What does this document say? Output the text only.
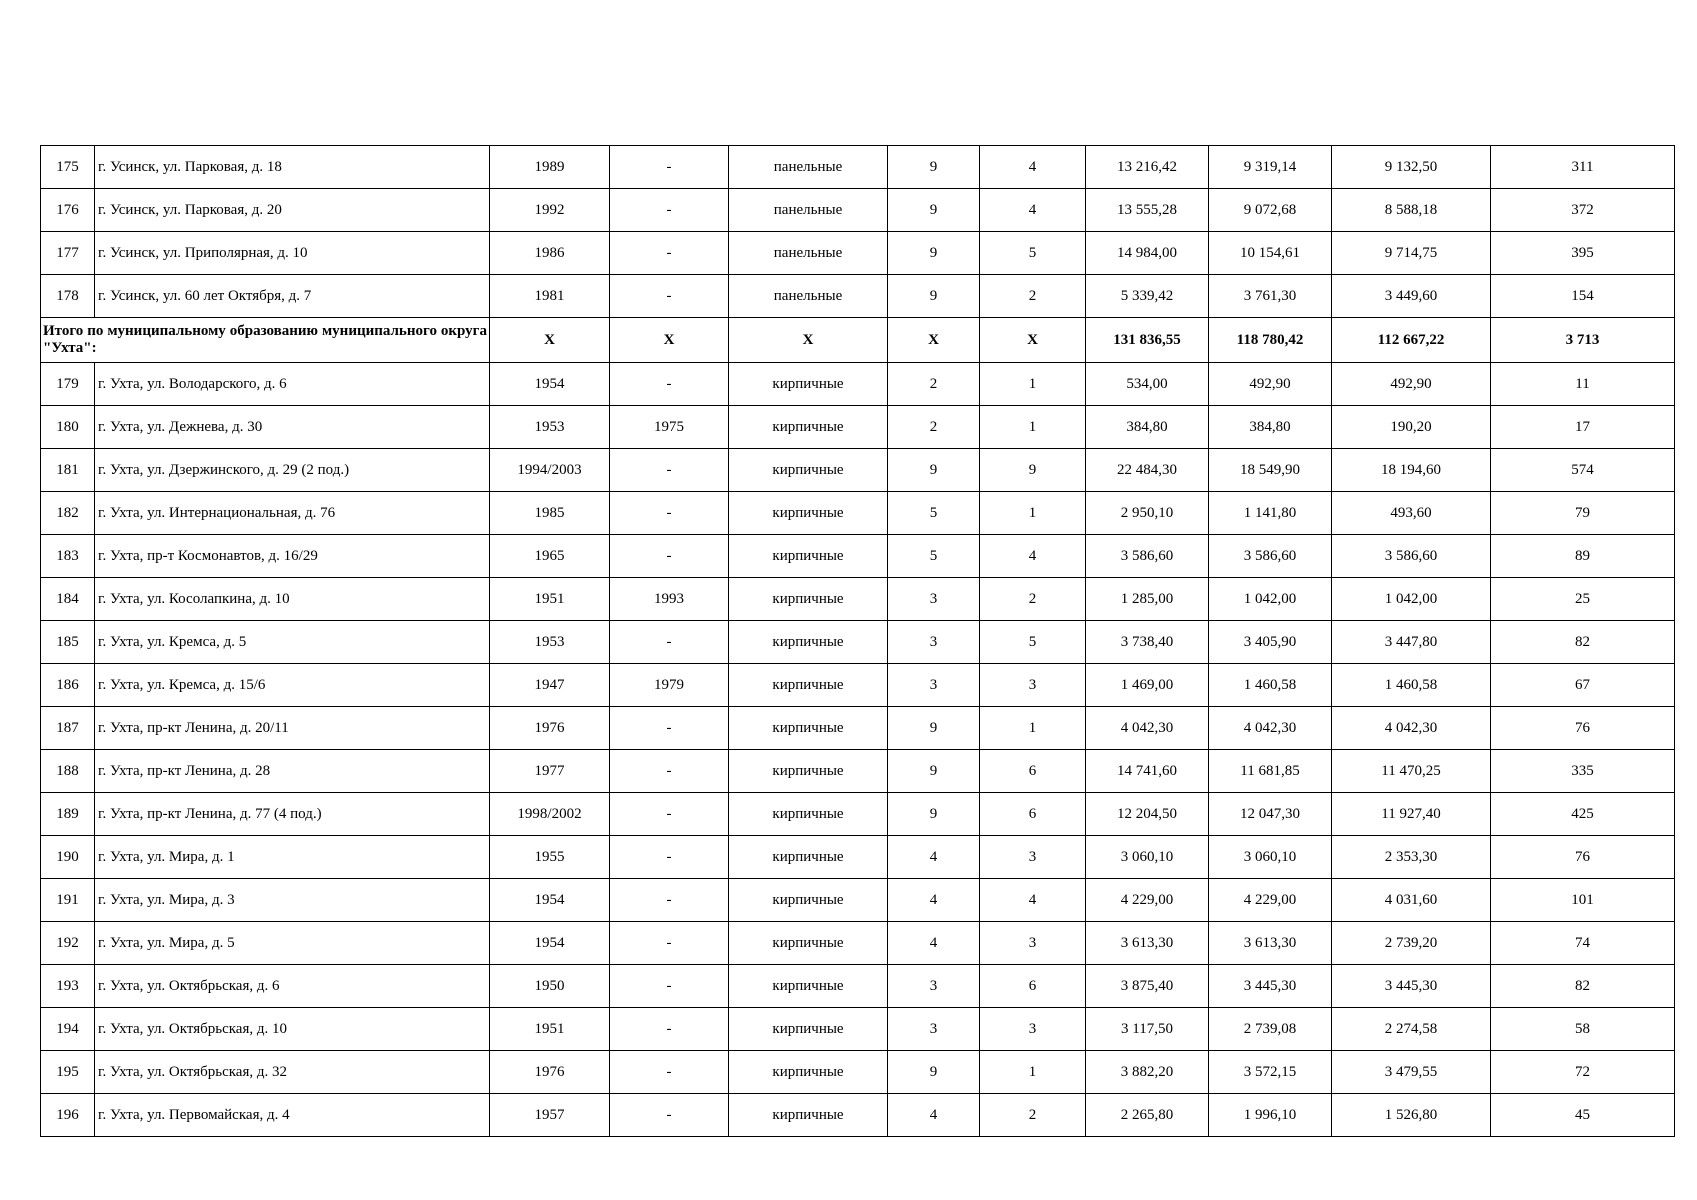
175	г. Усинск, ул. Парковая, д. 18	1989	-	панельные	9	4	13 216,42	9 319,14	9 132,50	311
176	г. Усинск, ул. Парковая, д. 20	1992	-	панельные	9	4	13 555,28	9 072,68	8 588,18	372
177	г. Усинск, ул. Приполярная, д. 10	1986	-	панельные	9	5	14 984,00	10 154,61	9 714,75	395
178	г. Усинск, ул. 60 лет Октября, д. 7	1981	-	панельные	9	2	5 339,42	3 761,30	3 449,60	154
Итого по муниципальному образованию муниципального округа "Ухта":		X	X	X	X	X	131 836,55	118 780,42	112 667,22	3 713
179	г. Ухта, ул. Володарского, д. 6	1954	-	кирпичные	2	1	534,00	492,90	492,90	11
180	г. Ухта, ул. Дежнева, д. 30	1953	1975	кирпичные	2	1	384,80	384,80	190,20	17
181	г. Ухта, ул. Дзержинского, д. 29 (2 под.)	1994/2003	-	кирпичные	9	9	22 484,30	18 549,90	18 194,60	574
182	г. Ухта, ул. Интернациональная, д. 76	1985	-	кирпичные	5	1	2 950,10	1 141,80	493,60	79
183	г. Ухта, пр-т Космонавтов, д. 16/29	1965	-	кирпичные	5	4	3 586,60	3 586,60	3 586,60	89
184	г. Ухта, ул. Косолапкина, д. 10	1951	1993	кирпичные	3	2	1 285,00	1 042,00	1 042,00	25
185	г. Ухта, ул. Кремса, д. 5	1953	-	кирпичные	3	5	3 738,40	3 405,90	3 447,80	82
186	г. Ухта, ул. Кремса, д. 15/6	1947	1979	кирпичные	3	3	1 469,00	1 460,58	1 460,58	67
187	г. Ухта, пр-кт Ленина, д. 20/11	1976	-	кирпичные	9	1	4 042,30	4 042,30	4 042,30	76
188	г. Ухта, пр-кт Ленина, д. 28	1977	-	кирпичные	9	6	14 741,60	11 681,85	11 470,25	335
189	г. Ухта, пр-кт Ленина, д. 77 (4 под.)	1998/2002	-	кирпичные	9	6	12 204,50	12 047,30	11 927,40	425
190	г. Ухта, ул. Мира, д. 1	1955	-	кирпичные	4	3	3 060,10	3 060,10	2 353,30	76
191	г. Ухта, ул. Мира, д. 3	1954	-	кирпичные	4	4	4 229,00	4 229,00	4 031,60	101
192	г. Ухта, ул. Мира, д. 5	1954	-	кирпичные	4	3	3 613,30	3 613,30	2 739,20	74
193	г. Ухта, ул. Октябрьская, д. 6	1950	-	кирпичные	3	6	3 875,40	3 445,30	3 445,30	82
194	г. Ухта, ул. Октябрьская, д. 10	1951	-	кирпичные	3	3	3 117,50	2 739,08	2 274,58	58
195	г. Ухта, ул. Октябрьская, д. 32	1976	-	кирпичные	9	1	3 882,20	3 572,15	3 479,55	72
196	г. Ухта, ул. Первомайская, д. 4	1957	-	кирпичные	4	2	2 265,80	1 996,10	1 526,80	45
